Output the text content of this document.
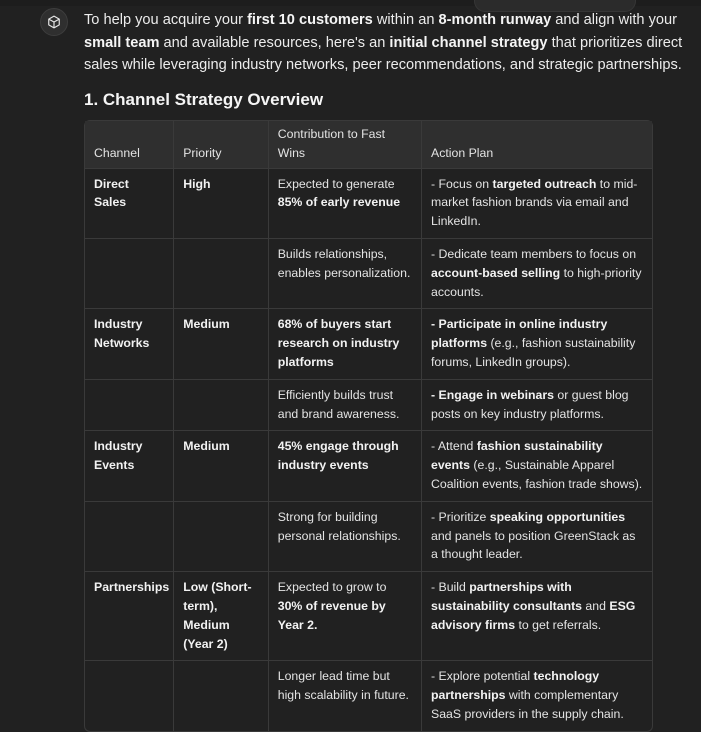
To help you acquire your first 10 customers within an 8-month runway and align with your small team and available resources, here's an initial channel strategy that prioritizes direct sales while leveraging industry networks, peer recommendations, and strategic partnerships.

1. Channel Strategy Overview
Channel	Priority	Contribution to Fast Wins	Action Plan
Direct Sales	High	Expected to generate 85% of early revenue	- Focus on targeted outreach to mid-market fashion brands via email and LinkedIn.
		Builds relationships, enables personalization.	- Dedicate team members to focus on account-based selling to high-priority accounts.
Industry Networks	Medium	68% of buyers start research on industry platforms	- Participate in online industry platforms (e.g., fashion sustainability forums, LinkedIn groups).
		Efficiently builds trust and brand awareness.	- Engage in webinars or guest blog posts on key industry platforms.
Industry Events	Medium	45% engage through industry events	- Attend fashion sustainability events (e.g., Sustainable Apparel Coalition events, fashion trade shows).
		Strong for building personal relationships.	- Prioritize speaking opportunities and panels to position GreenStack as a thought leader.
Partnerships	Low (Short-term), Medium (Year 2)	Expected to grow to 30% of revenue by Year 2.	- Build partnerships with sustainability consultants and ESG advisory firms to get referrals.
		Longer lead time but high scalability in future.	- Explore potential technology partnerships with complementary SaaS providers in the supply chain.
